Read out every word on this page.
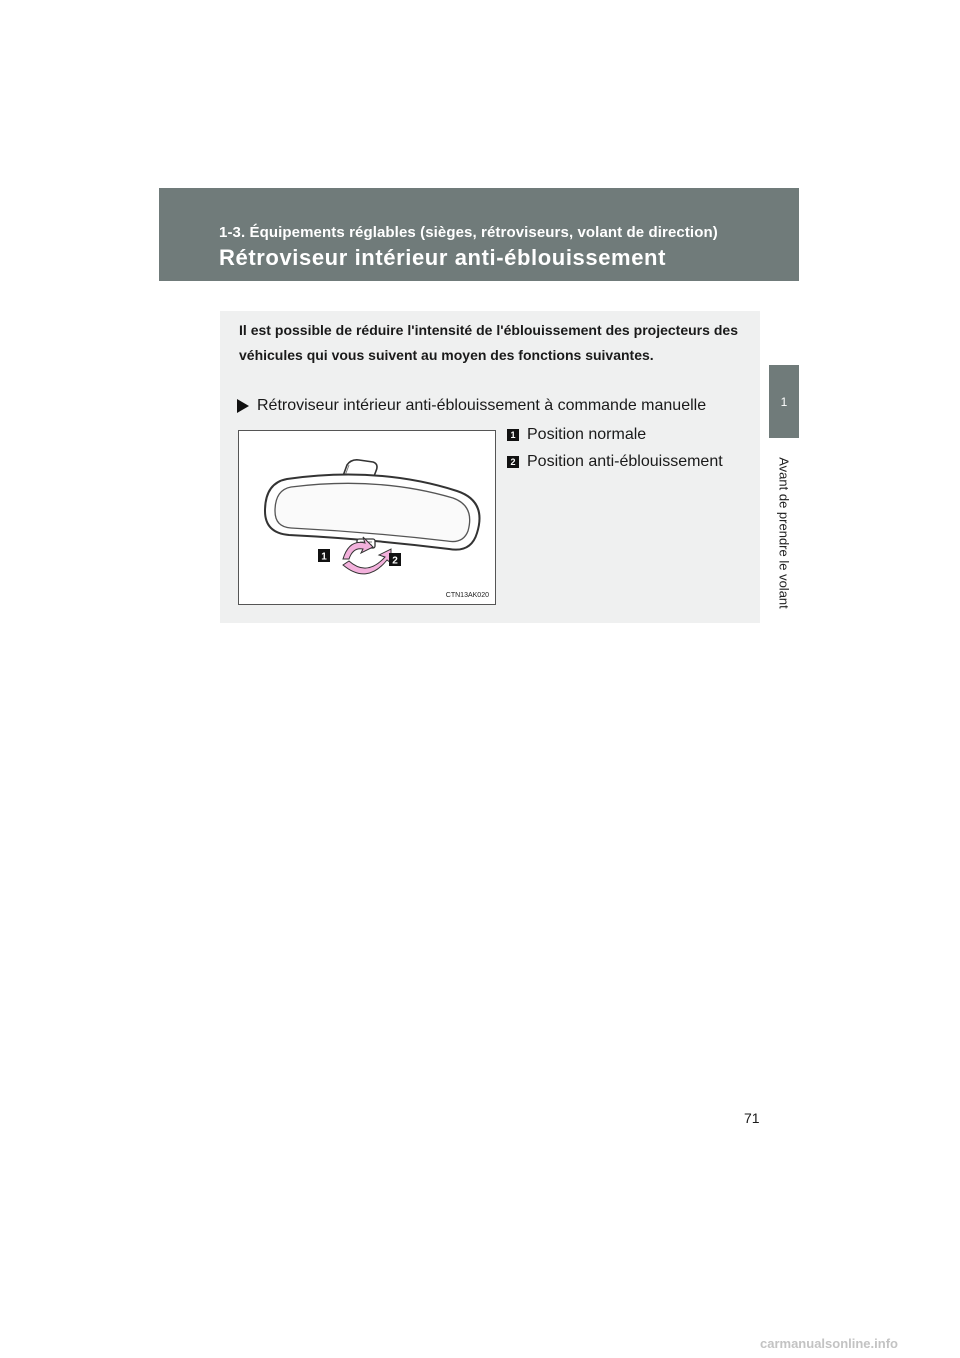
1-3. Équipements réglables (sièges, rétroviseurs, volant de direction)
Rétroviseur intérieur anti-éblouissement
1
Avant de prendre le volant

Il est possible de réduire l'intensité de l'éblouissement des projecteurs des véhicules qui vous suivent au moyen des fonctions suivantes.

Rétroviseur intérieur anti-éblouissement à commande manuelle
1	2
CTN13AK020
1 Position normale
2 Position anti-éblouissement
71
carmanualsonline.info
